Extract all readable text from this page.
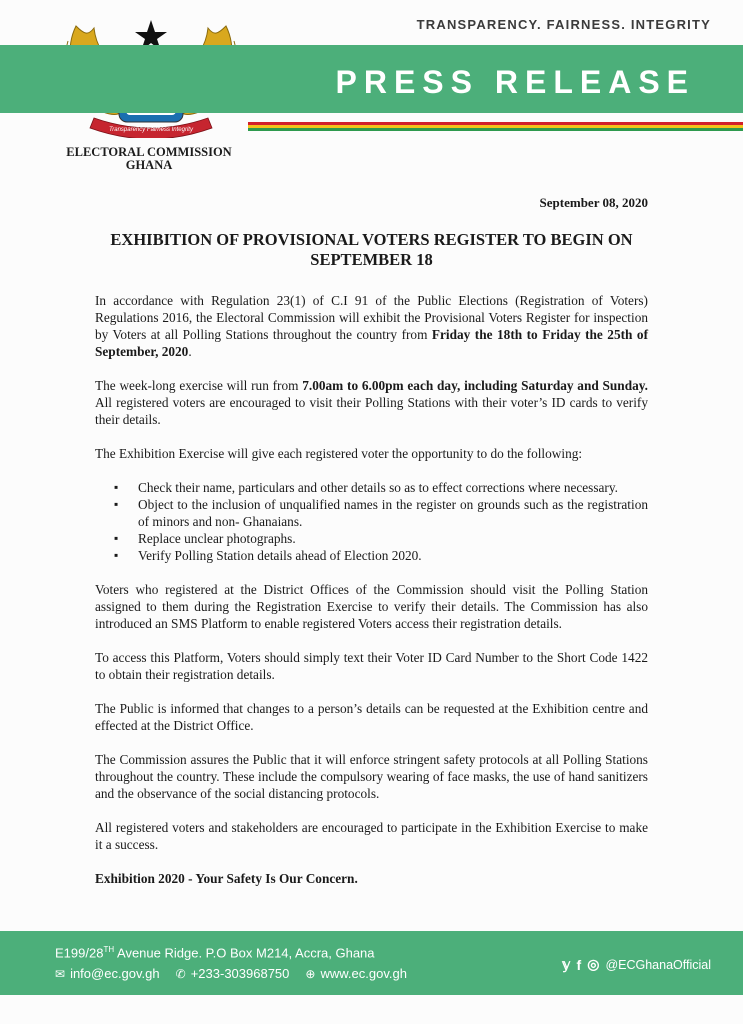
Transparency Fairness Integrity
TRANSPARENCY. FAIRNESS. INTEGRITY
PRESS RELEASE
ELECTORAL COMMISSION
GHANA
September 08, 2020
EXHIBITION OF PROVISIONAL VOTERS REGISTER TO BEGIN ON SEPTEMBER 18

In accordance with Regulation 23(1) of C.I 91 of the Public Elections (Registration of Voters) Regulations 2016, the Electoral Commission will exhibit the Provisional Voters Register for inspection by Voters at all Polling Stations throughout the country from Friday the 18th to Friday the 25th of September, 2020.

The week-long exercise will run from 7.00am to 6.00pm each day, including Saturday and Sunday. All registered voters are encouraged to visit their Polling Stations with their voter’s ID cards to verify their details.

The Exhibition Exercise will give each registered voter the opportunity to do the following:

▪ Check their name, particulars and other details so as to effect corrections where necessary.
▪ Object to the inclusion of unqualified names in the register on grounds such as the registration of minors and non- Ghanaians.
▪ Replace unclear photographs.
▪ Verify Polling Station details ahead of Election 2020.

Voters who registered at the District Offices of the Commission should visit the Polling Station assigned to them during the Registration Exercise to verify their details. The Commission has also introduced an SMS Platform to enable registered Voters access their registration details.

To access this Platform, Voters should simply text their Voter ID Card Number to the Short Code 1422 to obtain their registration details.

The Public is informed that changes to a person’s details can be requested at the Exhibition centre and effected at the District Office.

The Commission assures the Public that it will enforce stringent safety protocols at all Polling Stations throughout the country. These include the compulsory wearing of face masks, the use of hand sanitizers and the observance of the social distancing protocols.

All registered voters and stakeholders are encouraged to participate in the Exhibition Exercise to make it a success.

Exhibition 2020 - Your Safety Is Our Concern.

E199/28TH Avenue Ridge. P.O Box M214, Accra, Ghana
✉ info@ec.gov.gh ✆ +233-303968750 ⊕ www.ec.gov.gh
𝕪 f ◎ @ECGhanaOfficial
